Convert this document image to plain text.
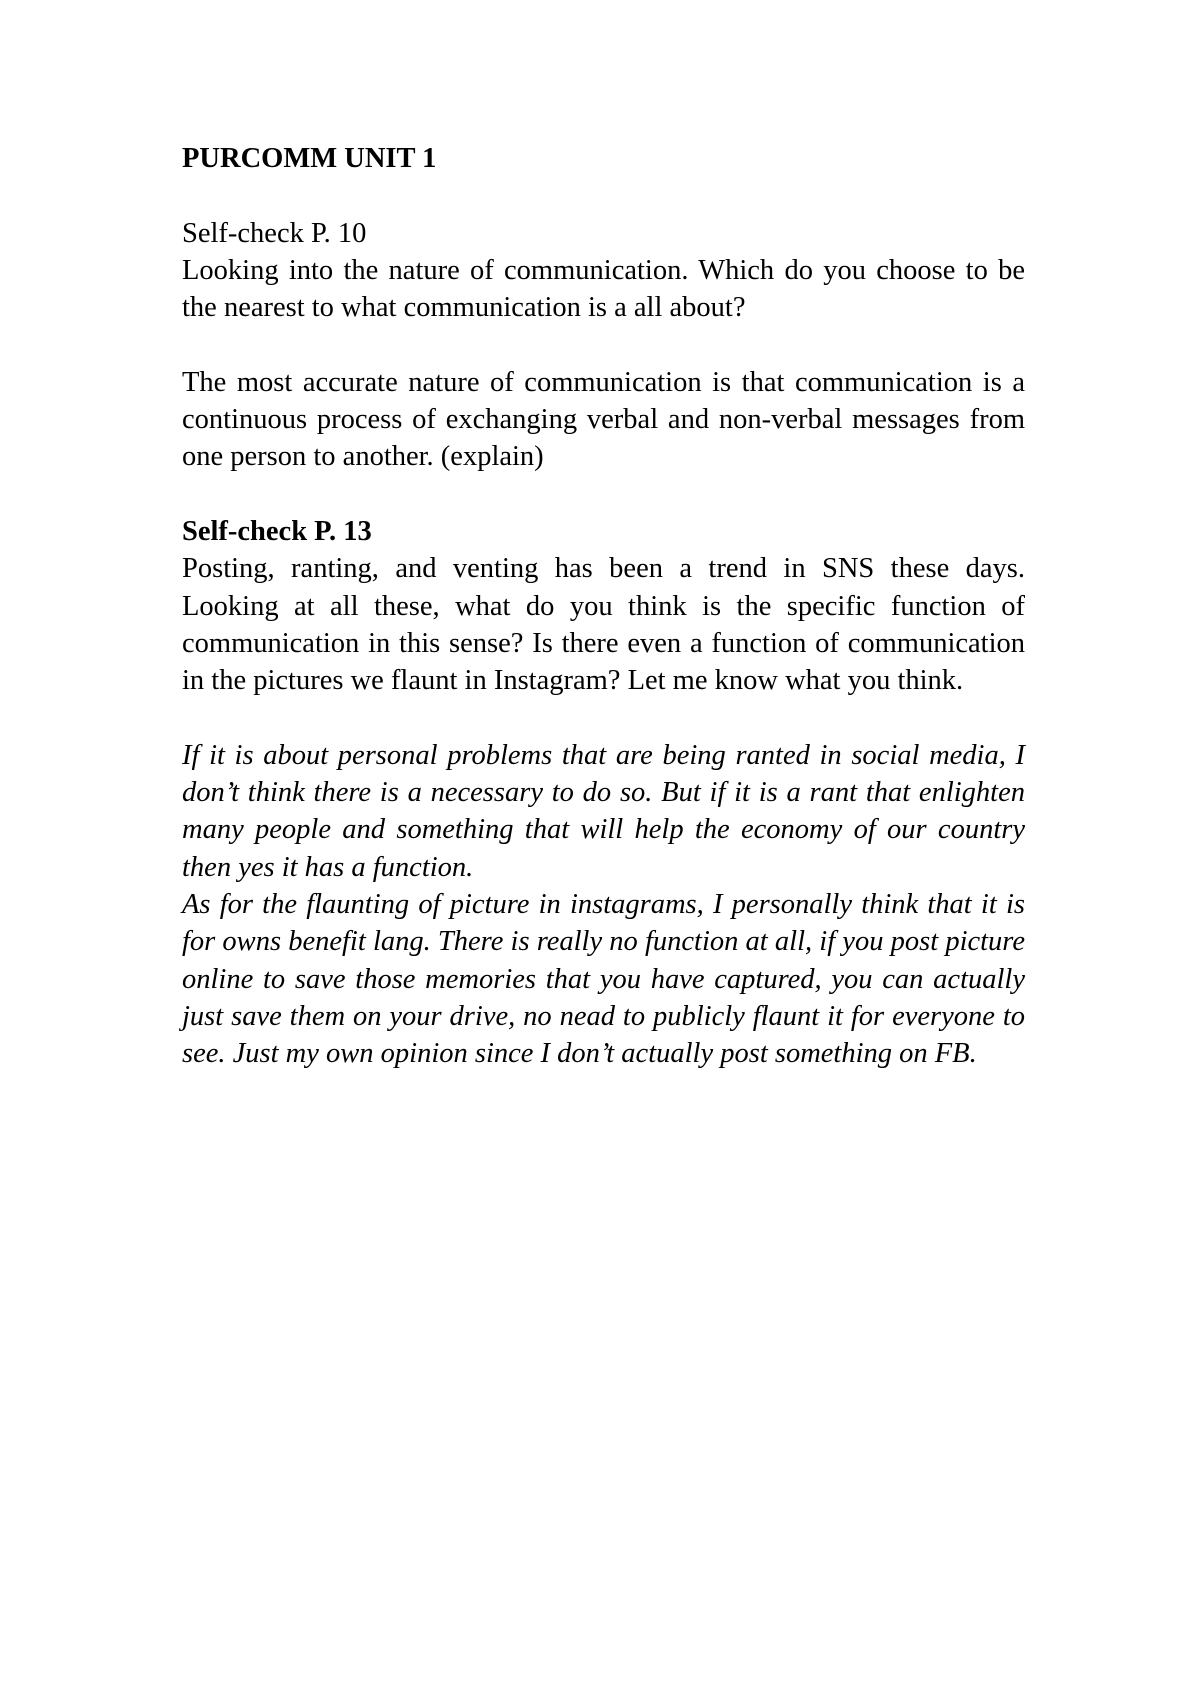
PURCOMM UNIT 1

Self-check P. 10

Looking into the nature of communication. Which do you choose to be the nearest to what communication is a all about?

The most accurate nature of communication is that communication is a continuous process of exchanging verbal and non-verbal messages from one person to another. (explain)

Self-check P. 13

Posting, ranting, and venting has been a trend in SNS these days. Looking at all these, what do you think is the specific function of communication in this sense? Is there even a function of communication in the pictures we flaunt in Instagram? Let me know what you think.

If it is about personal problems that are being ranted in social media, I don’t think there is a necessary to do so. But if it is a rant that enlighten many people and something that will help the economy of our country then yes it has a function.

As for the flaunting of picture in instagrams, I personally think that it is for owns benefit lang. There is really no function at all, if you post picture online to save those memories that you have captured, you can actually just save them on your drive, no nead to publicly flaunt it for everyone to see. Just my own opinion since I don’t actually post something on FB.
